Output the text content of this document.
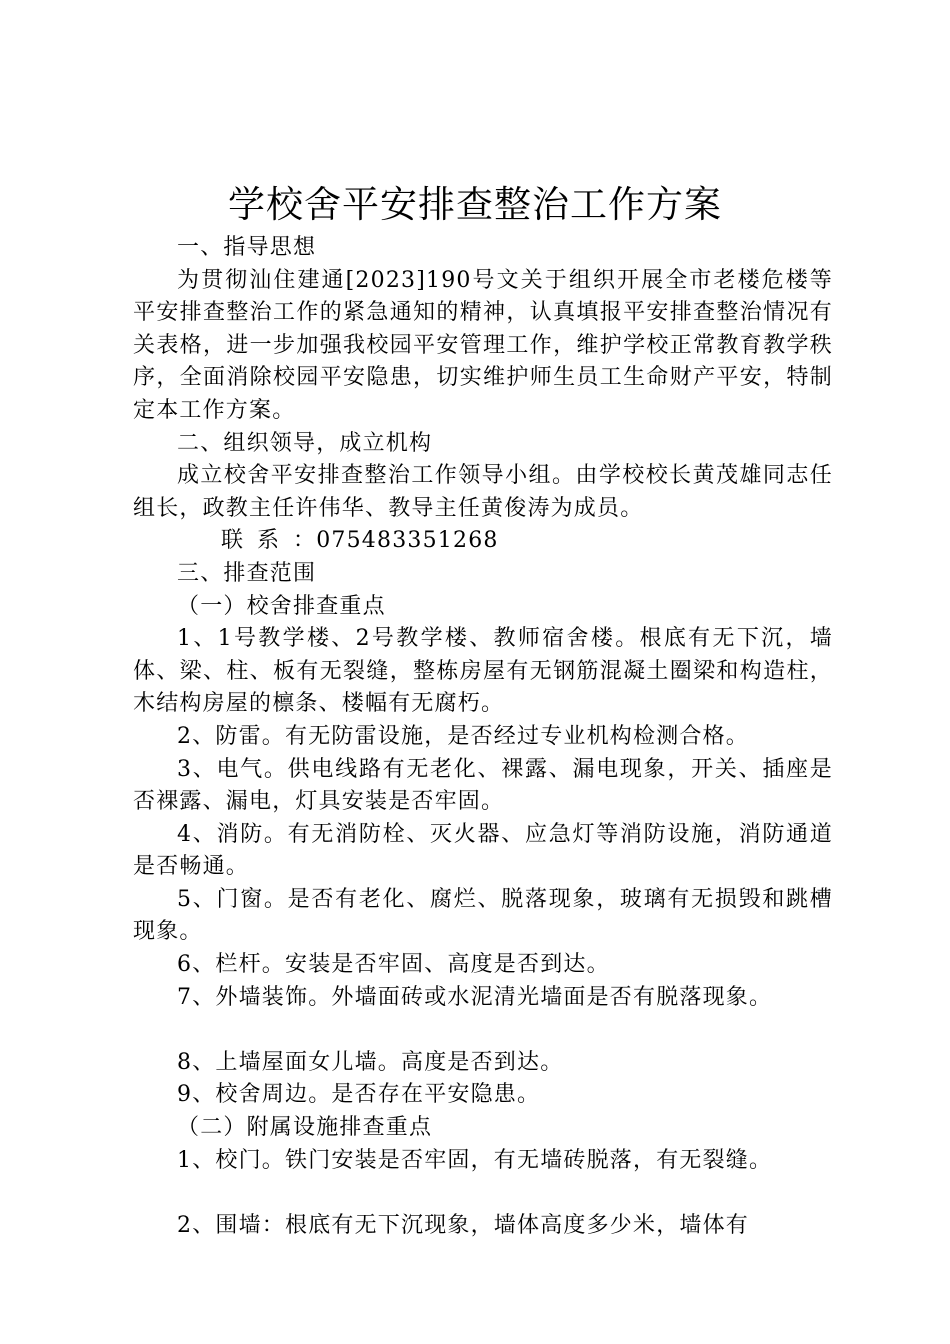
学校舍平安排查整治工作方案

一、指导思想

为贯彻汕住建通[2023]190号文关于组织开展全市老楼危楼等平安排查整治工作的紧急通知的精神，认真填报平安排查整治情况有关表格，进一步加强我校园平安管理工作，维护学校正常教育教学秩序，全面消除校园平安隐患，切实维护师生员工生命财产平安，特制定本工作方案。

二、组织领导，成立机构

成立校舍平安排查整治工作领导小组。由学校校长黄茂雄同志任组长，政教主任许伟华、教导主任黄俊涛为成员。

联系：075483351268

三、排查范围

（一）校舍排查重点

1、1号教学楼、2号教学楼、教师宿舍楼。根底有无下沉，墙体、梁、柱、板有无裂缝，整栋房屋有无钢筋混凝土圈梁和构造柱，木结构房屋的檩条、楼幅有无腐朽。

2、防雷。有无防雷设施，是否经过专业机构检测合格。

3、电气。供电线路有无老化、裸露、漏电现象，开关、插座是否裸露、漏电，灯具安装是否牢固。

4、消防。有无消防栓、灭火器、应急灯等消防设施，消防通道是否畅通。

5、门窗。是否有老化、腐烂、脱落现象，玻璃有无损毁和跳槽现象。

6、栏杆。安装是否牢固、高度是否到达。

7、外墙装饰。外墙面砖或水泥清光墙面是否有脱落现象。

8、上墙屋面女儿墙。高度是否到达。

9、校舍周边。是否存在平安隐患。

（二）附属设施排查重点

1、校门。铁门安装是否牢固，有无墙砖脱落，有无裂缝。

2、围墙：根底有无下沉现象，墙体高度多少米，墙体有
